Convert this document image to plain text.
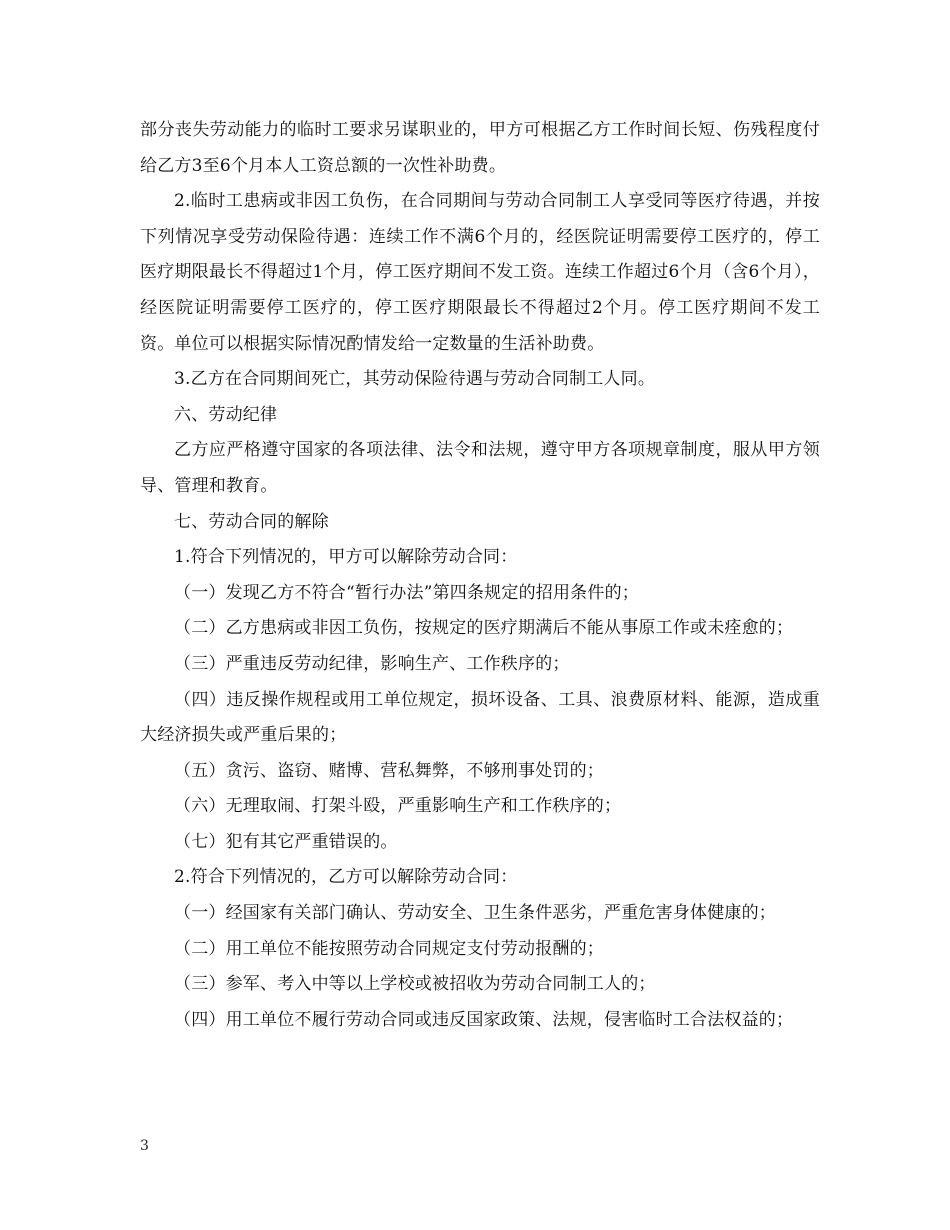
部分丧失劳动能力的临时工要求另谋职业的，甲方可根据乙方工作时间长短、伤残程度付给乙方3至6个月本人工资总额的一次性补助费。

2.临时工患病或非因工负伤，在合同期间与劳动合同制工人享受同等医疗待遇，并按下列情况享受劳动保险待遇：连续工作不满6个月的，经医院证明需要停工医疗的，停工医疗期限最长不得超过1个月，停工医疗期间不发工资。连续工作超过6个月（含6个月），经医院证明需要停工医疗的，停工医疗期限最长不得超过2个月。停工医疗期间不发工资。单位可以根据实际情况酌情发给一定数量的生活补助费。

3.乙方在合同期间死亡，其劳动保险待遇与劳动合同制工人同。

六、劳动纪律

乙方应严格遵守国家的各项法律、法令和法规，遵守甲方各项规章制度，服从甲方领导、管理和教育。

七、劳动合同的解除

1.符合下列情况的，甲方可以解除劳动合同：

（一）发现乙方不符合“暂行办法”第四条规定的招用条件的；

（二）乙方患病或非因工负伤，按规定的医疗期满后不能从事原工作或未痊愈的；

（三）严重违反劳动纪律，影响生产、工作秩序的；

（四）违反操作规程或用工单位规定，损坏设备、工具、浪费原材料、能源，造成重大经济损失或严重后果的；

（五）贪污、盗窃、赌博、营私舞弊，不够刑事处罚的；

（六）无理取闹、打架斗殴，严重影响生产和工作秩序的；

（七）犯有其它严重错误的。

2.符合下列情况的，乙方可以解除劳动合同：

（一）经国家有关部门确认、劳动安全、卫生条件恶劣，严重危害身体健康的；

（二）用工单位不能按照劳动合同规定支付劳动报酬的；

（三）参军、考入中等以上学校或被招收为劳动合同制工人的；

（四）用工单位不履行劳动合同或违反国家政策、法规，侵害临时工合法权益的；

3
